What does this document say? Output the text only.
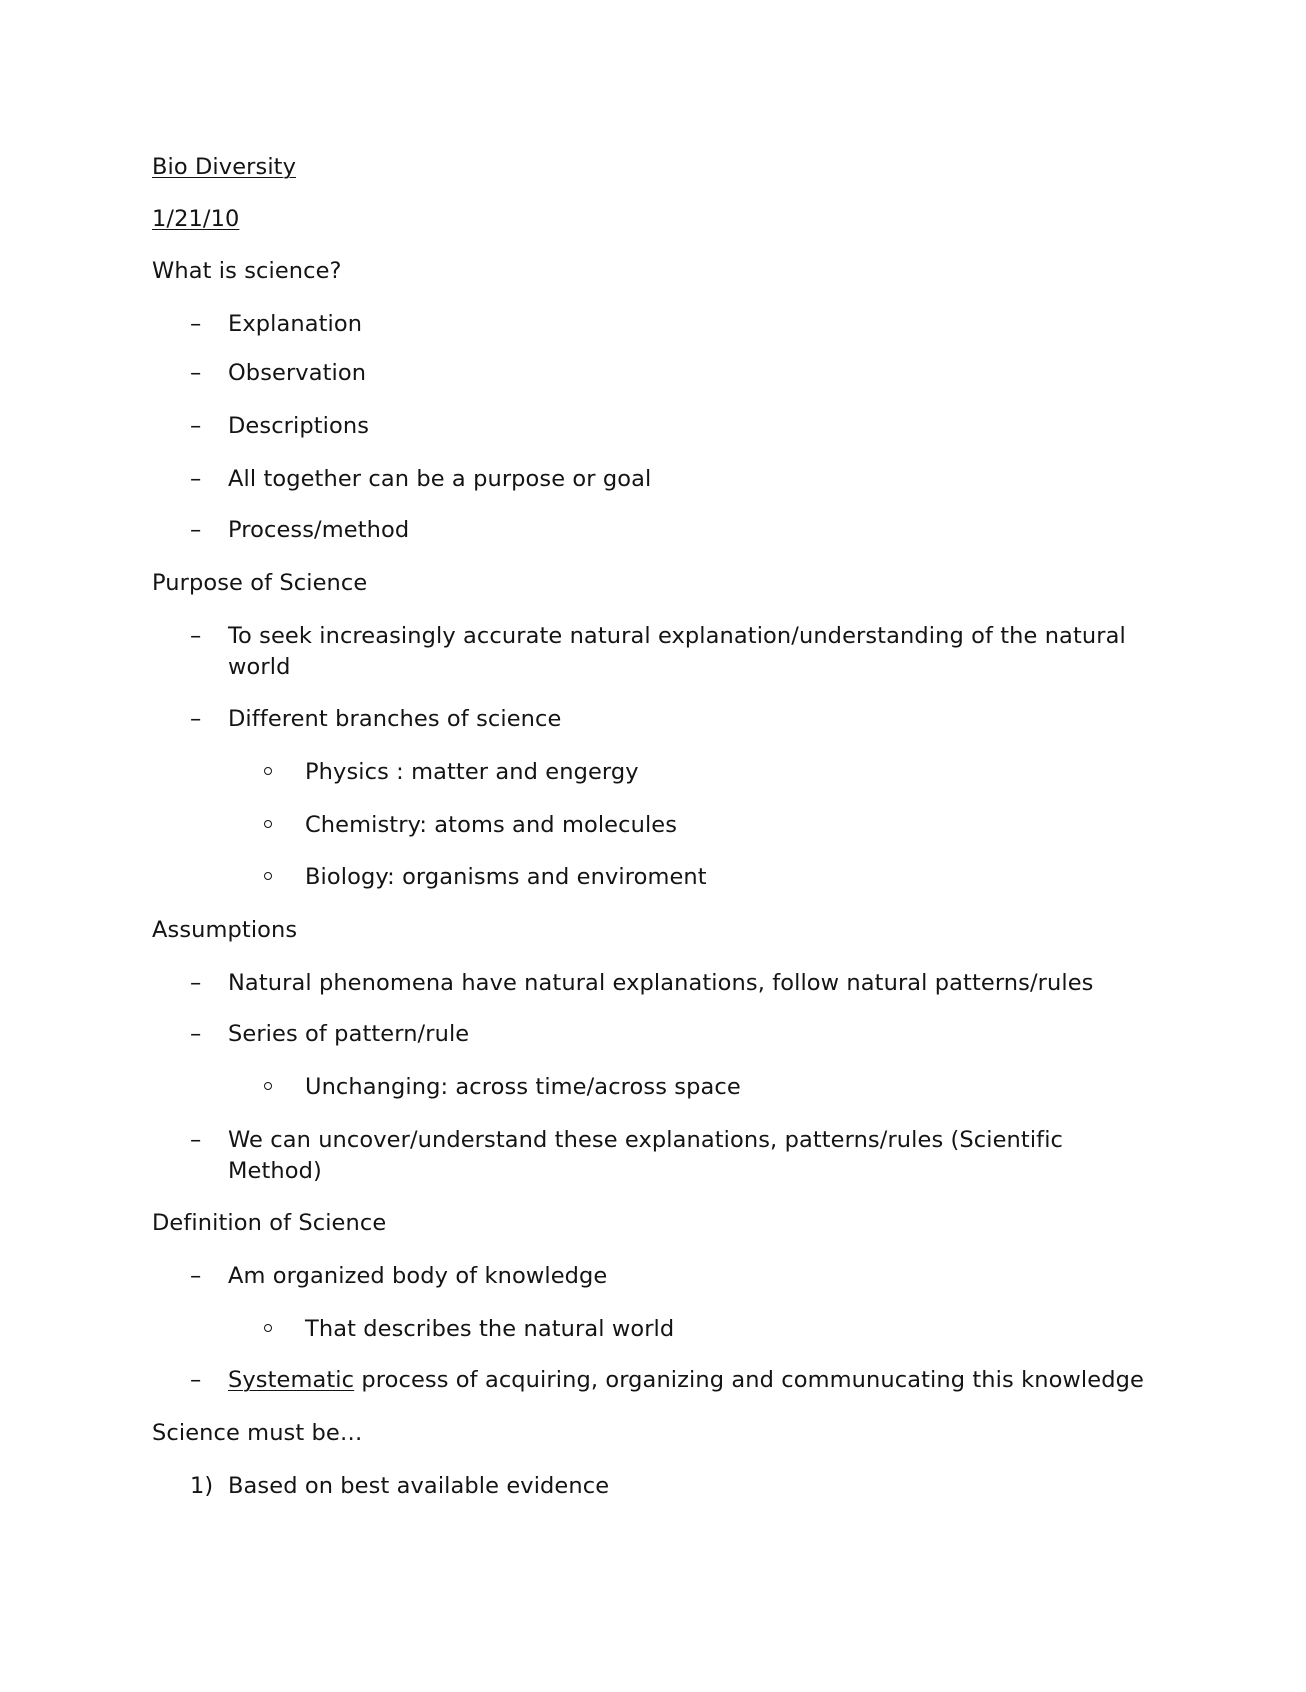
Bio Diversity
1/21/10
What is science?
– Explanation
– Observation
– Descriptions
– All together can be a purpose or goal
– Process/method
Purpose of Science
– To seek increasingly accurate natural explanation/understanding of the natural
world
– Different branches of science
Physics : matter and engergy
Chemistry: atoms and molecules
Biology: organisms and enviroment
Assumptions
– Natural phenomena have natural explanations, follow natural patterns/rules
– Series of pattern/rule
Unchanging: across time/across space
– We can uncover/understand these explanations, patterns/rules (Scientific
Method)
Definition of Science
– Am organized body of knowledge
That describes the natural world
– Systematic process of acquiring, organizing and communucating this knowledge
Science must be…
1) Based on best available evidence
